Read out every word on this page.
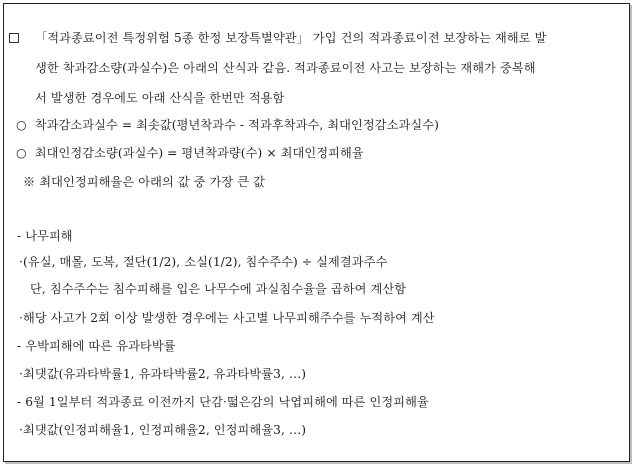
「적과종료이전 특정위험 5종 한정 보장특별약관」 가입 건의 적과종료이전 보장하는 재해로 발
생한 착과감소량(과실수)은 아래의 산식과 같음. 적과종료이전 사고는 보장하는 재해가 중복해
서 발생한 경우에도 아래 산식을 한번만 적용함
○ 착과감소과실수 = 최솟값(평년착과수 - 적과후착과수, 최대인정감소과실수)
○ 최대인정감소량(과실수) = 평년착과량(수) × 최대인정피해율
※ 최대인정피해율은 아래의 값 중 가장 큰 값
- 나무피해
·(유실, 매몰, 도복, 절단(1/2), 소실(1/2), 침수주수) ÷ 실제결과주수
단, 침수주수는 침수피해를 입은 나무수에 과실침수율을 곱하여 계산함
·해당 사고가 2회 이상 발생한 경우에는 사고별 나무피해주수를 누적하여 계산
- 우박피해에 따른 유과타박률
·최댓값(유과타박률1, 유과타박률2, 유과타박률3, …)
- 6월 1일부터 적과종료 이전까지 단감·떫은감의 낙엽피해에 따른 인정피해율
·최댓값(인정피해율1, 인정피해율2, 인정피해율3, …)
